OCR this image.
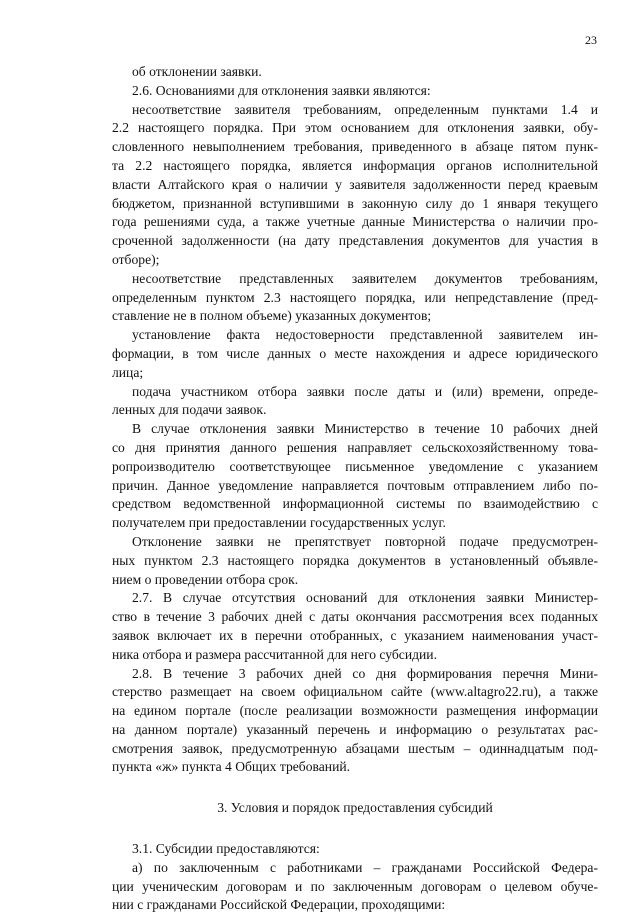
23
об отклонении заявки.
2.6. Основаниями для отклонения заявки являются:
несоответствие заявителя требованиям, определенным пунктами 1.4 и
2.2 настоящего порядка. При этом основанием для отклонения заявки, обу-
словленного невыполнением требования, приведенного в абзаце пятом пунк-
та 2.2 настоящего порядка, является информация органов исполнительной
власти Алтайского края о наличии у заявителя задолженности перед краевым
бюджетом, признанной вступившими в законную силу до 1 января текущего
года решениями суда, а также учетные данные Министерства о наличии про-
сроченной задолженности (на дату представления документов для участия в
отборе);
несоответствие представленных заявителем документов требованиям,
определенным пунктом 2.3 настоящего порядка, или непредставление (пред-
ставление не в полном объеме) указанных документов;
установление факта недостоверности представленной заявителем ин-
формации, в том числе данных о месте нахождения и адресе юридического
лица;
подача участником отбора заявки после даты и (или) времени, опреде-
ленных для подачи заявок.
В случае отклонения заявки Министерство в течение 10 рабочих дней
со дня принятия данного решения направляет сельскохозяйственному това-
ропроизводителю соответствующее письменное уведомление с указанием
причин. Данное уведомление направляется почтовым отправлением либо по-
средством ведомственной информационной системы по взаимодействию с
получателем при предоставлении государственных услуг.
Отклонение заявки не препятствует повторной подаче предусмотрен-
ных пунктом 2.3 настоящего порядка документов в установленный объявле-
нием о проведении отбора срок.
2.7. В случае отсутствия оснований для отклонения заявки Министер-
ство в течение 3 рабочих дней с даты окончания рассмотрения всех поданных
заявок включает их в перечни отобранных, с указанием наименования участ-
ника отбора и размера рассчитанной для него субсидии.
2.8. В течение 3 рабочих дней со дня формирования перечня Мини-
стерство размещает на своем официальном сайте (www.altagro22.ru), а также
на едином портале (после реализации возможности размещения информации
на данном портале) указанный перечень и информацию о результатах рас-
смотрения заявок, предусмотренную абзацами шестым – одиннадцатым под-
пункта «ж» пункта 4 Общих требований.
3. Условия и порядок предоставления субсидий
3.1. Субсидии предоставляются:
а) по заключенным с работниками – гражданами Российской Федера-
ции ученическим договорам и по заключенным договорам о целевом обуче-
нии с гражданами Российской Федерации, проходящими:
